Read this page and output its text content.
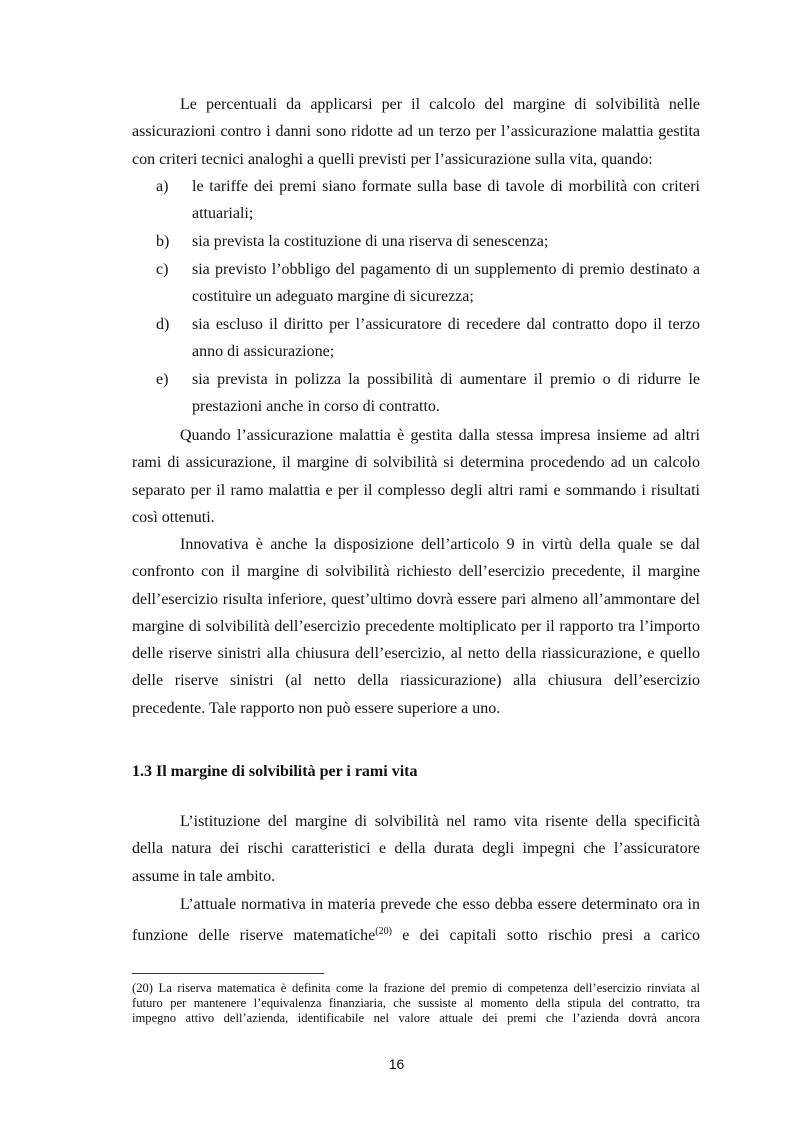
Le percentuali da applicarsi per il calcolo del margine di solvibilità nelle
assicurazioni contro i danni sono ridotte ad un terzo per l’assicurazione malattia gestita
con criteri tecnici analoghi a quelli previsti per l’assicurazione sulla vita, quando:
a) le tariffe dei premi siano formate sulla base di tavole di morbilità con criteri
attuariali;
b) sia prevista la costituzione di una riserva di senescenza;
c) sia previsto l’obbligo del pagamento di un supplemento di premio destinato a
costituire un adeguato margine di sicurezza;
d) sia escluso il diritto per l’assicuratore di recedere dal contratto dopo il terzo
anno di assicurazione;
e) sia prevista in polizza la possibilità di aumentare il premio o di ridurre le
prestazioni anche in corso di contratto.
Quando l’assicurazione malattia è gestita dalla stessa impresa insieme ad altri
rami di assicurazione, il margine di solvibilità si determina procedendo ad un calcolo
separato per il ramo malattia e per il complesso degli altri rami e sommando i risultati
così ottenuti.
Innovativa è anche la disposizione dell’articolo 9 in virtù della quale se dal
confronto con il margine di solvibilità richiesto dell’esercizio precedente, il margine
dell’esercizio risulta inferiore, quest’ultimo dovrà essere pari almeno all’ammontare del
margine di solvibilità dell’esercizio precedente moltiplicato per il rapporto tra l’importo
delle riserve sinistri alla chiusura dell’esercizio, al netto della riassicurazione, e quello
delle riserve sinistri (al netto della riassicurazione) alla chiusura dell’esercizio
precedente. Tale rapporto non può essere superiore a uno.
1.3 Il margine di solvibilità per i rami vita
L’istituzione del margine di solvibilità nel ramo vita risente della specificità
della natura dei rischi caratteristici e della durata degli impegni che l’assicuratore
assume in tale ambito.
L’attuale normativa in materia prevede che esso debba essere determinato ora in
funzione delle riserve matematiche$^{(20)}$ e dei capitali sotto rischio presi a carico
(20) La riserva matematica è definita come la frazione del premio di competenza dell’esercizio rinviata al
futuro per mantenere l’equivalenza finanziaria, che sussiste al momento della stipula del contratto, tra
impegno attivo dell’azienda, identificabile nel valore attuale dei premi che l’azienda dovrà ancora
16
